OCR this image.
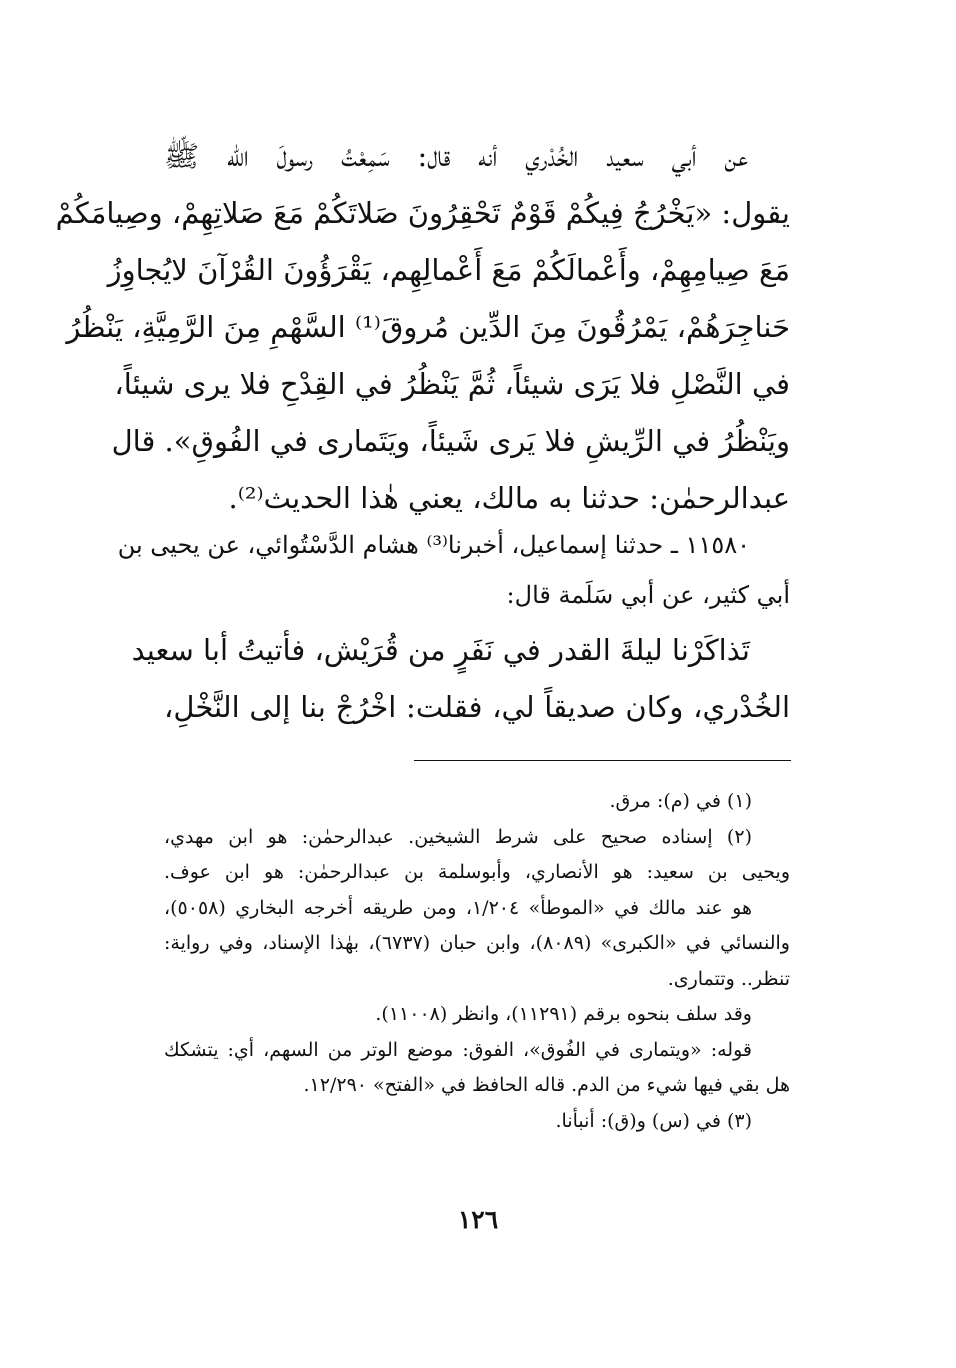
عن أبي سعيد الخُدْري أنه قال: سَمِعْتُ رسولَ الله ﷺ
يقول: «يَخْرُجُ فِيكُمْ قَوْمٌ تَحْقِرُونَ صَلاتَكُمْ مَعَ صَلاتِهِمْ، وصِيامَكُمْ
مَعَ صِيامِهِمْ، وأَعْمالَكُمْ مَعَ أَعْمالِهِم، يَقْرَؤُونَ القُرْآنَ لايُجاوِزُ
حَناجِرَهُمْ، يَمْرُقُونَ مِنَ الدِّين مُروقَ⁽¹⁾ السَّهْمِ مِنَ الرَّمِيَّةِ، يَنْظُرُ
في النَّصْلِ فلا يَرَى شيئاً، ثُمَّ يَنْظُرُ في القِدْحِ فلا يرى شيئاً،
ويَنْظُرُ في الرِّيشِ فلا يَرى شَيئاً، ويَتَمارى في الفُوقِ». قال
عبدالرحمٰن: حدثنا به مالك، يعني هٰذا الحديث⁽²⁾.
١١٥٨٠ ـ حدثنا إسماعيل، أخبرنا⁽³⁾ هشام الدَّسْتُوائي، عن يحيى بن
أبي كثير، عن أبي سَلَمة قال:
تَذاكَرْنا ليلةَ القدر في نَفَرٍ من قُرَيْش، فأتيتُ أبا سعيد
الخُدْري، وكان صديقاً لي، فقلت: اخْرُجْ بنا إلى النَّخْلِ،
(١) في (م): مرق.
(٢) إسناده صحيح على شرط الشيخين. عبدالرحمٰن: هو ابن مهدي،
ويحيى بن سعيد: هو الأنصاري، وأبوسلمة بن عبدالرحمٰن: هو ابن عوف.
هو عند مالك في «الموطأ» ١/٢٠٤، ومن طريقه أخرجه البخاري (٥٠٥٨)،
والنسائي في «الكبرى» (٨٠٨٩)، وابن حبان (٦٧٣٧)، بهٰذا الإسناد، وفي رواية:
تنظر.. وتتمارى.
وقد سلف بنحوه برقم (١١٢٩١)، وانظر (١١٠٠٨).
قوله: «ويتمارى في الفُوق»، الفوق: موضع الوتر من السهم، أي: يتشكك
هل بقي فيها شيء من الدم. قاله الحافظ في «الفتح» ١٢/٢٩٠.
(٣) في (س) و(ق): أنبأنا.
١٢٦
